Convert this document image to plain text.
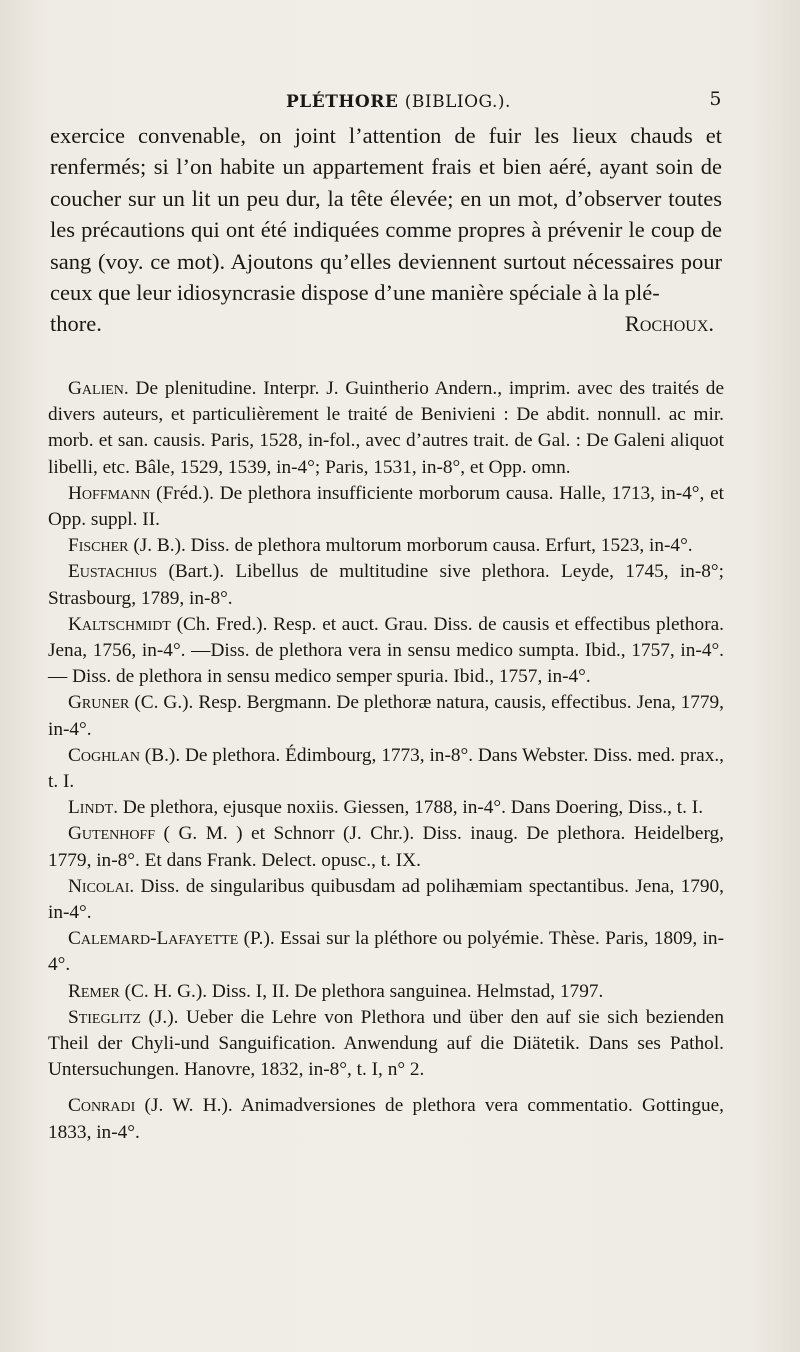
PLÉTHORE (BIBLIOG.).	5

exercice convenable, on joint l’attention de fuir les lieux chauds et renfermés; si l’on habite un appartement frais et bien aéré, ayant soin de coucher sur un lit un peu dur, la tête élevée; en un mot, d’observer toutes les précautions qui ont été indiquées comme propres à prévenir le coup de sang (voy. ce mot). Ajoutons qu’elles deviennent surtout nécessaires pour ceux que leur idiosyncrasie dispose d’une manière spéciale à la plé-

thore.	Rochoux.

Galien. De plenitudine. Interpr. J. Guintherio Andern., imprim. avec des traités de divers auteurs, et particulièrement le traité de Benivieni : De abdit. nonnull. ac mir. morb. et san. causis. Paris, 1528, in-fol., avec d’autres trait. de Gal. : De Galeni aliquot libelli, etc. Bâle, 1529, 1539, in-4°; Paris, 1531, in-8°, et Opp. omn.

Hoffmann (Fréd.). De plethora insufficiente morborum causa. Halle, 1713, in-4°, et Opp. suppl. II.

Fischer (J. B.). Diss. de plethora multorum morborum causa. Erfurt, 1523, in-4°.

Eustachius (Bart.). Libellus de multitudine sive plethora. Leyde, 1745, in-8°; Strasbourg, 1789, in-8°.

Kaltschmidt (Ch. Fred.). Resp. et auct. Grau. Diss. de causis et effectibus plethora. Jena, 1756, in-4°. —Diss. de plethora vera in sensu medico sumpta. Ibid., 1757, in-4°. — Diss. de plethora in sensu medico semper spuria. Ibid., 1757, in-4°.

Gruner (C. G.). Resp. Bergmann. De plethoræ natura, causis, effectibus. Jena, 1779, in-4°.

Coghlan (B.). De plethora. Édimbourg, 1773, in-8°. Dans Webster. Diss. med. prax., t. I.

Lindt. De plethora, ejusque noxiis. Giessen, 1788, in-4°. Dans Doering, Diss., t. I.

Gutenhoff ( G. M. ) et Schnorr (J. Chr.). Diss. inaug. De plethora. Heidelberg, 1779, in-8°. Et dans Frank. Delect. opusc., t. IX.

Nicolai. Diss. de singularibus quibusdam ad polihæmiam spectantibus. Jena, 1790, in-4°.

Calemard-Lafayette (P.). Essai sur la pléthore ou polyémie. Thèse. Paris, 1809, in-4°.

Remer (C. H. G.). Diss. I, II. De plethora sanguinea. Helmstad, 1797.

Stieglitz (J.). Ueber die Lehre von Plethora und über den auf sie sich bezienden Theil der Chyli-und Sanguification. Anwendung auf die Diätetik. Dans ses Pathol. Untersuchungen. Hanovre, 1832, in-8°, t. I, n° 2.

Conradi (J. W. H.). Animadversiones de plethora vera commentatio. Gottingue, 1833, in-4°.
